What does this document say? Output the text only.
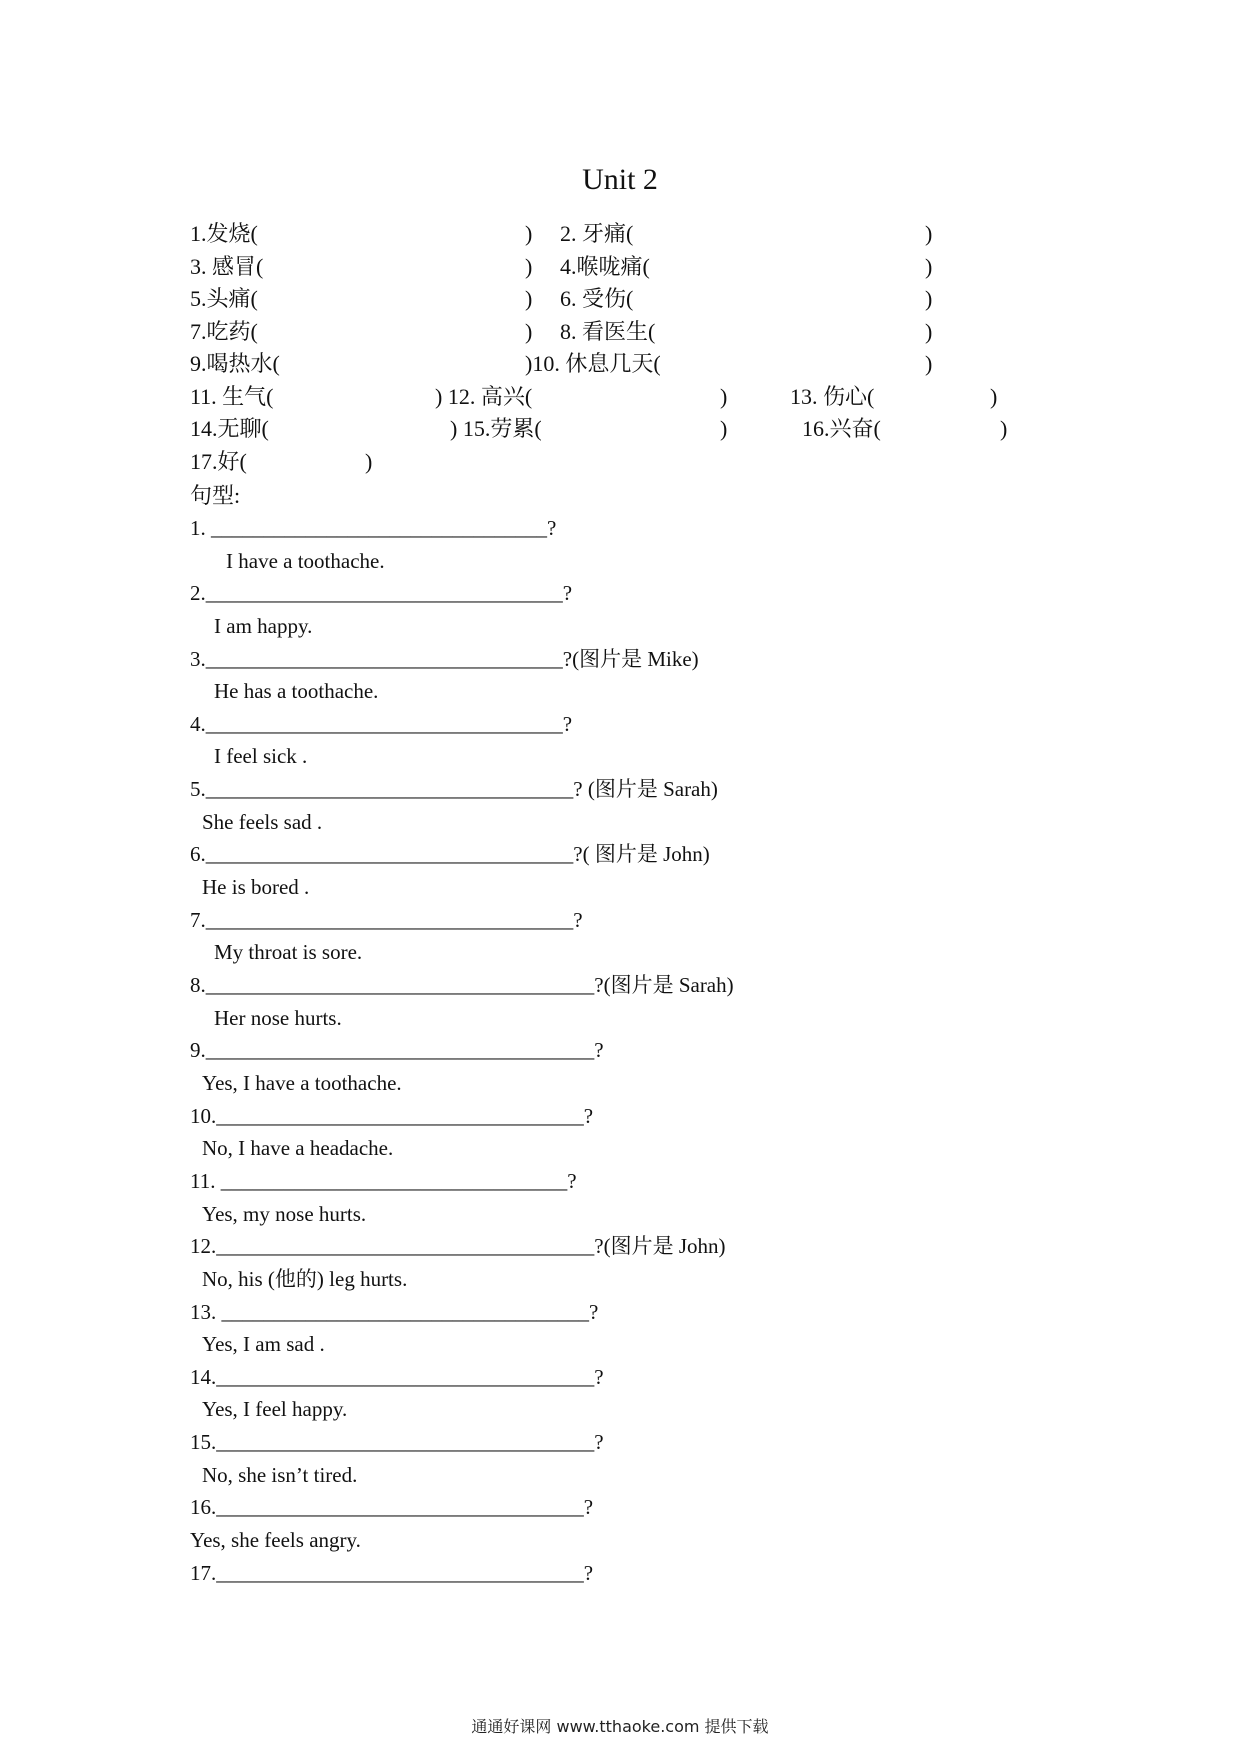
Unit 2
1.发烧(	) 2. 牙痛(	)
3. 感冒(	) 4.喉咙痛(	)
5.头痛(	) 6. 受伤(	)
7.吃药(	) 8. 看医生(	)
9.喝热水(	)10. 休息几天(	)
11. 生气(	) 12. 高兴(	)	13. 伤心(	)
14.无聊(	) 15.劳累(	)	16.兴奋(	)
17.好(	)
句型:
1. ________________________________?
I have a toothache.
2.__________________________________?
I am happy.
3.__________________________________?(图片是 Mike)
He has a toothache.
4.__________________________________?
I feel sick .
5.___________________________________? (图片是 Sarah)
She feels sad .
6.___________________________________?( 图片是 John)
He is bored .
7.___________________________________?
My throat is sore.
8._____________________________________?(图片是 Sarah)
Her nose hurts.
9._____________________________________?
Yes, I have a toothache.
10.___________________________________?
No, I have a headache.
11. _________________________________?
Yes, my nose hurts.
12.____________________________________?(图片是 John)
No, his (他的) leg hurts.
13. ___________________________________?
Yes, I am sad .
14.____________________________________?
Yes, I feel happy.
15.____________________________________?
No, she isn’t tired.
16.___________________________________?
Yes, she feels angry.
17.___________________________________?
通通好课网 www.tthaoke.com 提供下载
